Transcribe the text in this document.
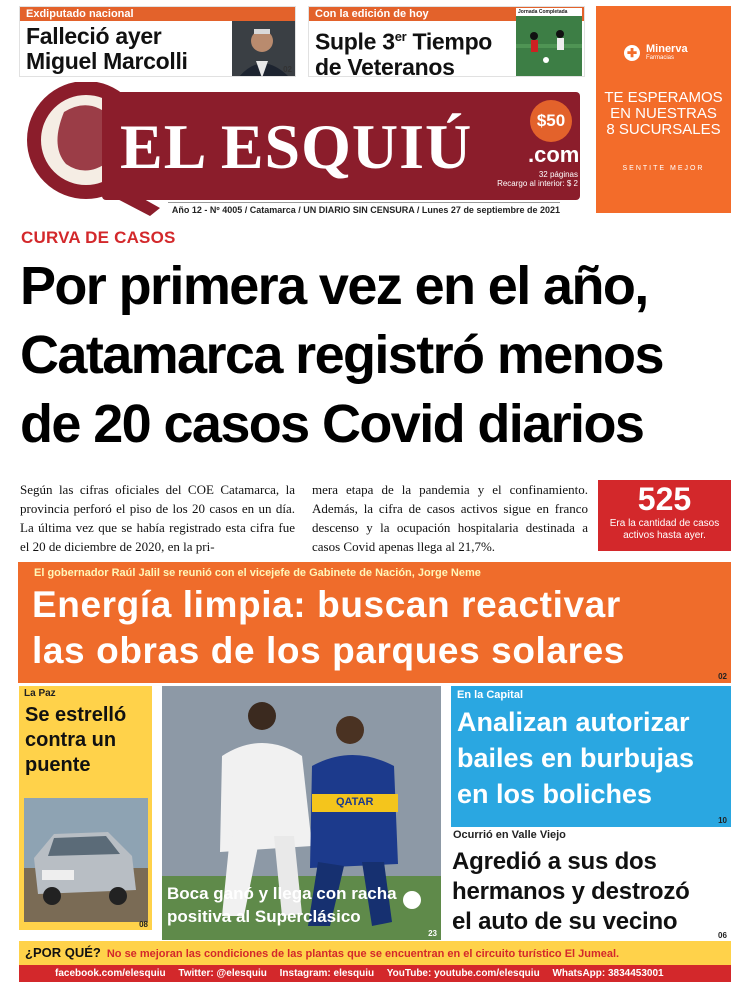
Exdiputado nacional
Falleció ayer
Miguel Marcolli	02
Con la edición de hoy
Suple 3er Tiempo
de Veteranos
Jornada Completada
EL ESQUIÚ	.com
$50
32 páginas
Recargo al interior: $ 2
Año 12 - Nº 4005 / Catamarca / UN DIARIO SIN CENSURA / Lunes 27 de septiembre de 2021
✚ Minerva
Farmacias
TE ESPERAMOS
EN NUESTRAS
8 SUCURSALES
SENTITE MEJOR
CURVA DE CASOS
Por primera vez en el año,
Catamarca registró menos
de 20 casos Covid diarios
Según las cifras oficiales del COE Catamarca, la provincia perforó el piso de los 20 casos en un día. La última vez que se había registrado esta cifra fue el 20 de diciembre de 2020, en la pri-
mera etapa de la pandemia y el confinamiento. Además, la cifra de casos activos sigue en franco descenso y la ocupación hospitalaria destinada a casos Covid apenas llega al 21,7%.
525
Era la cantidad de casos activos hasta ayer.
El gobernador Raúl Jalil se reunió con el vicejefe de Gabinete de Nación, Jorge Neme
Energía limpia: buscan reactivar
las obras de los parques solares
02
La Paz
Se estrelló
contra un
puente
08
QATAR
Boca ganó y llega con racha
positiva al Superclásico
23
En la Capital
Analizan autorizar
bailes en burbujas
en los boliches
10
Ocurrió en Valle Viejo
Agredió a sus dos
hermanos y destrozó
el auto de su vecino
06
¿POR QUÉ? No se mejoran las condiciones de las plantas que se encuentran en el circuito turístico El Jumeal.
facebook.com/elesquiu Twitter: @elesquiu Instagram: elesquiu YouTube: youtube.com/elesquiu WhatsApp: 3834453001
